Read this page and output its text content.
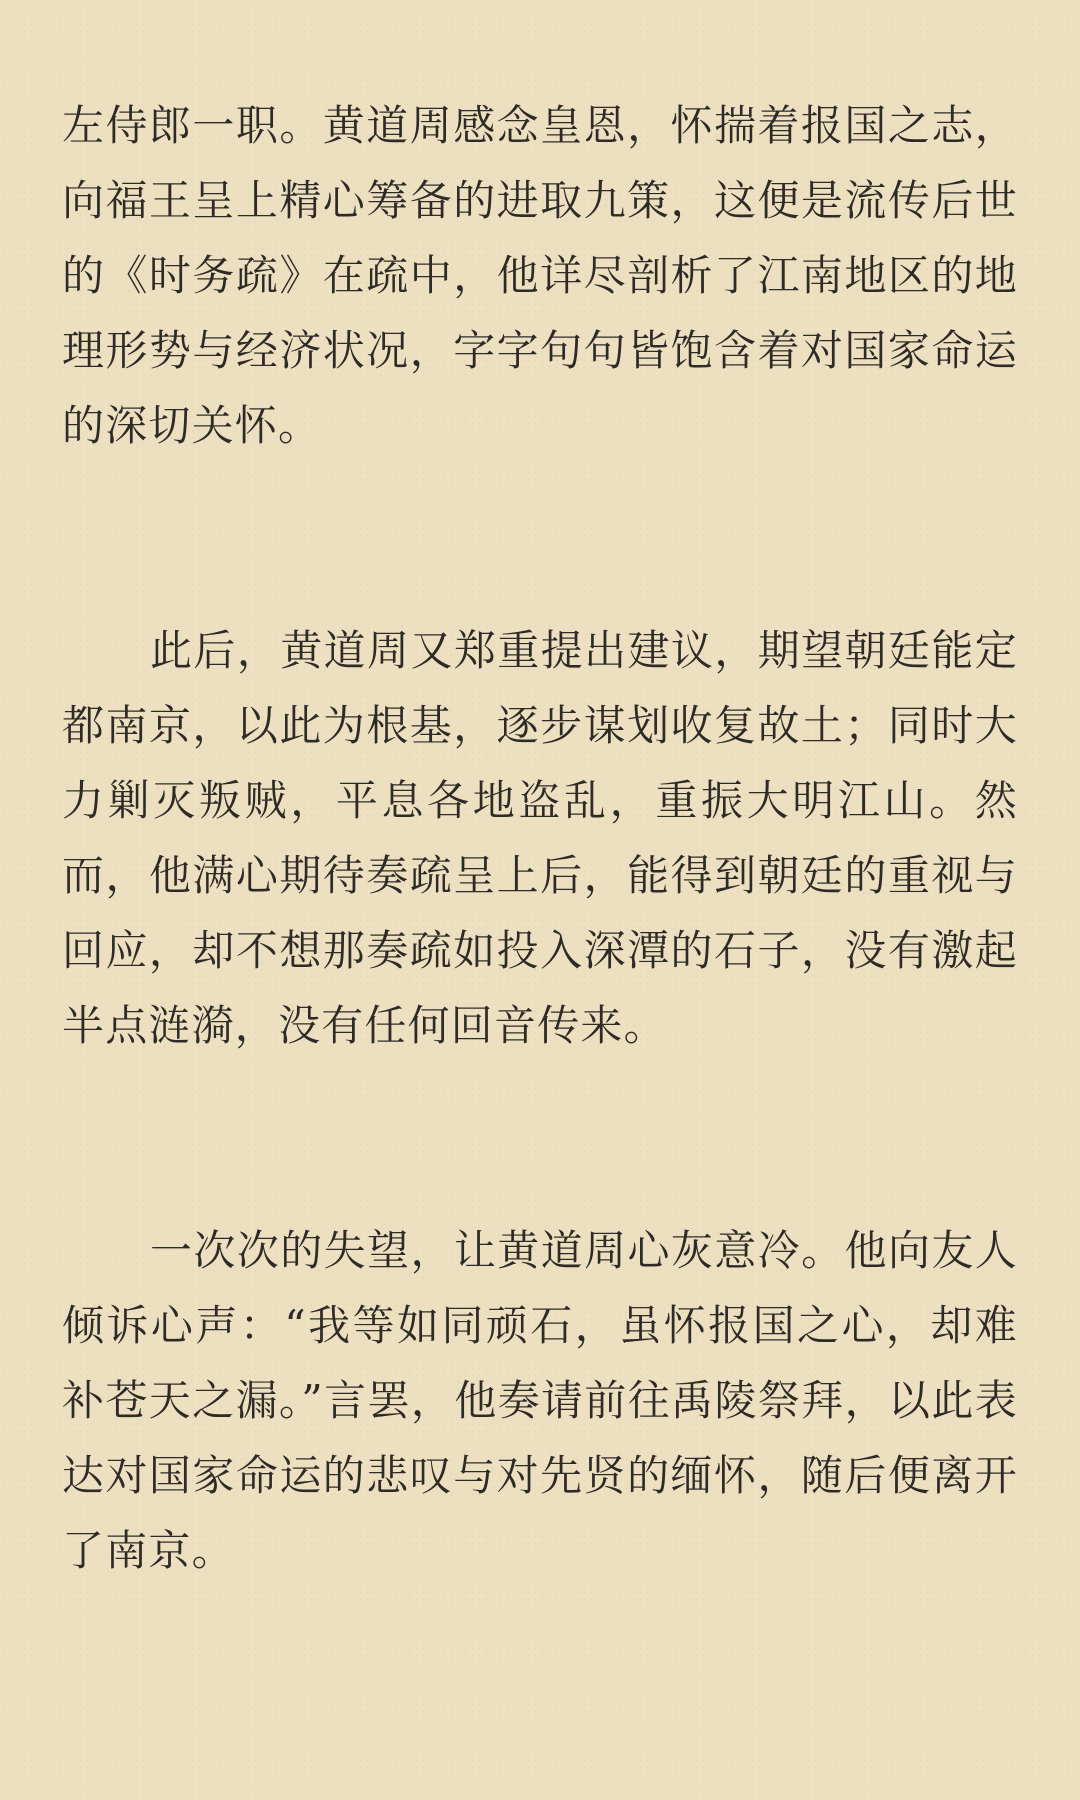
左侍郎一职。黄道周感念皇恩，怀揣着报国之志，向福王呈上精心筹备的进取九策，这便是流传后世的《时务疏》在疏中，他详尽剖析了江南地区的地理形势与经济状况，字字句句皆饱含着对国家命运的深切关怀。

此后，黄道周又郑重提出建议，期望朝廷能定都南京，以此为根基，逐步谋划收复故土；同时大力剿灭叛贼，平息各地盗乱，重振大明江山。然而，他满心期待奏疏呈上后，能得到朝廷的重视与回应，却不想那奏疏如投入深潭的石子，没有激起半点涟漪，没有任何回音传来。

一次次的失望，让黄道周心灰意冷。他向友人倾诉心声：“我等如同顽石，虽怀报国之心，却难补苍天之漏。”言罢，他奏请前往禹陵祭拜，以此表达对国家命运的悲叹与对先贤的缅怀，随后便离开了南京。
